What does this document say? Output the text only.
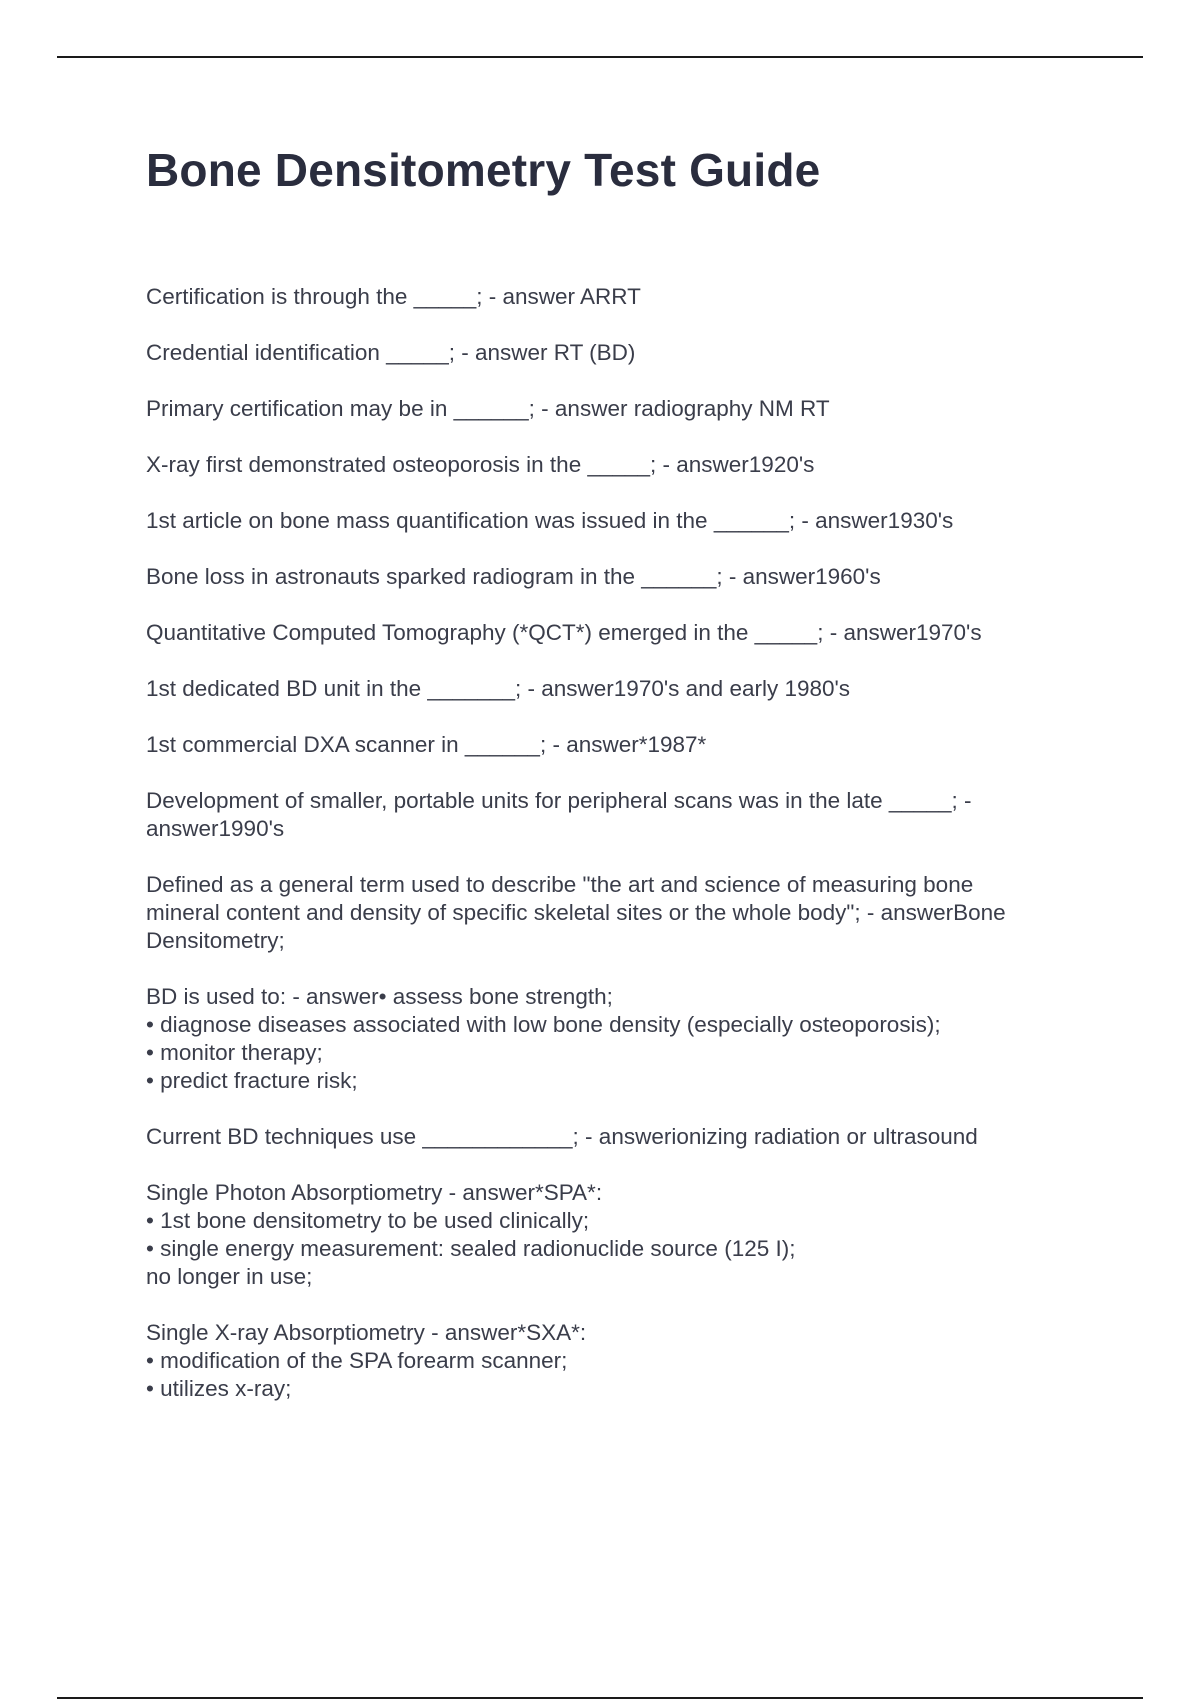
Bone Densitometry Test Guide
Certification is through the _____; - answer ARRT
Credential identification _____; - answer RT (BD)
Primary certification may be in ______; - answer radiography NM RT
X-ray first demonstrated osteoporosis in the _____; - answer1920's
1st article on bone mass quantification was issued in the ______; - answer1930's
Bone loss in astronauts sparked radiogram in the ______; - answer1960's
Quantitative Computed Tomography (*QCT*) emerged in the _____; - answer1970's
1st dedicated BD unit in the _______; - answer1970's and early 1980's
1st commercial DXA scanner in ______; - answer*1987*
Development of smaller, portable units for peripheral scans was in the late _____; -
answer1990's
Defined as a general term used to describe "the art and science of measuring bone
mineral content and density of specific skeletal sites or the whole body"; - answerBone
Densitometry;
BD is used to: - answer• assess bone strength;
• diagnose diseases associated with low bone density (especially osteoporosis);
• monitor therapy;
• predict fracture risk;
Current BD techniques use ____________; - answerionizing radiation or ultrasound
Single Photon Absorptiometry - answer*SPA*:
• 1st bone densitometry to be used clinically;
• single energy measurement: sealed radionuclide source (125 I);
no longer in use;
Single X-ray Absorptiometry - answer*SXA*:
• modification of the SPA forearm scanner;
• utilizes x-ray;
